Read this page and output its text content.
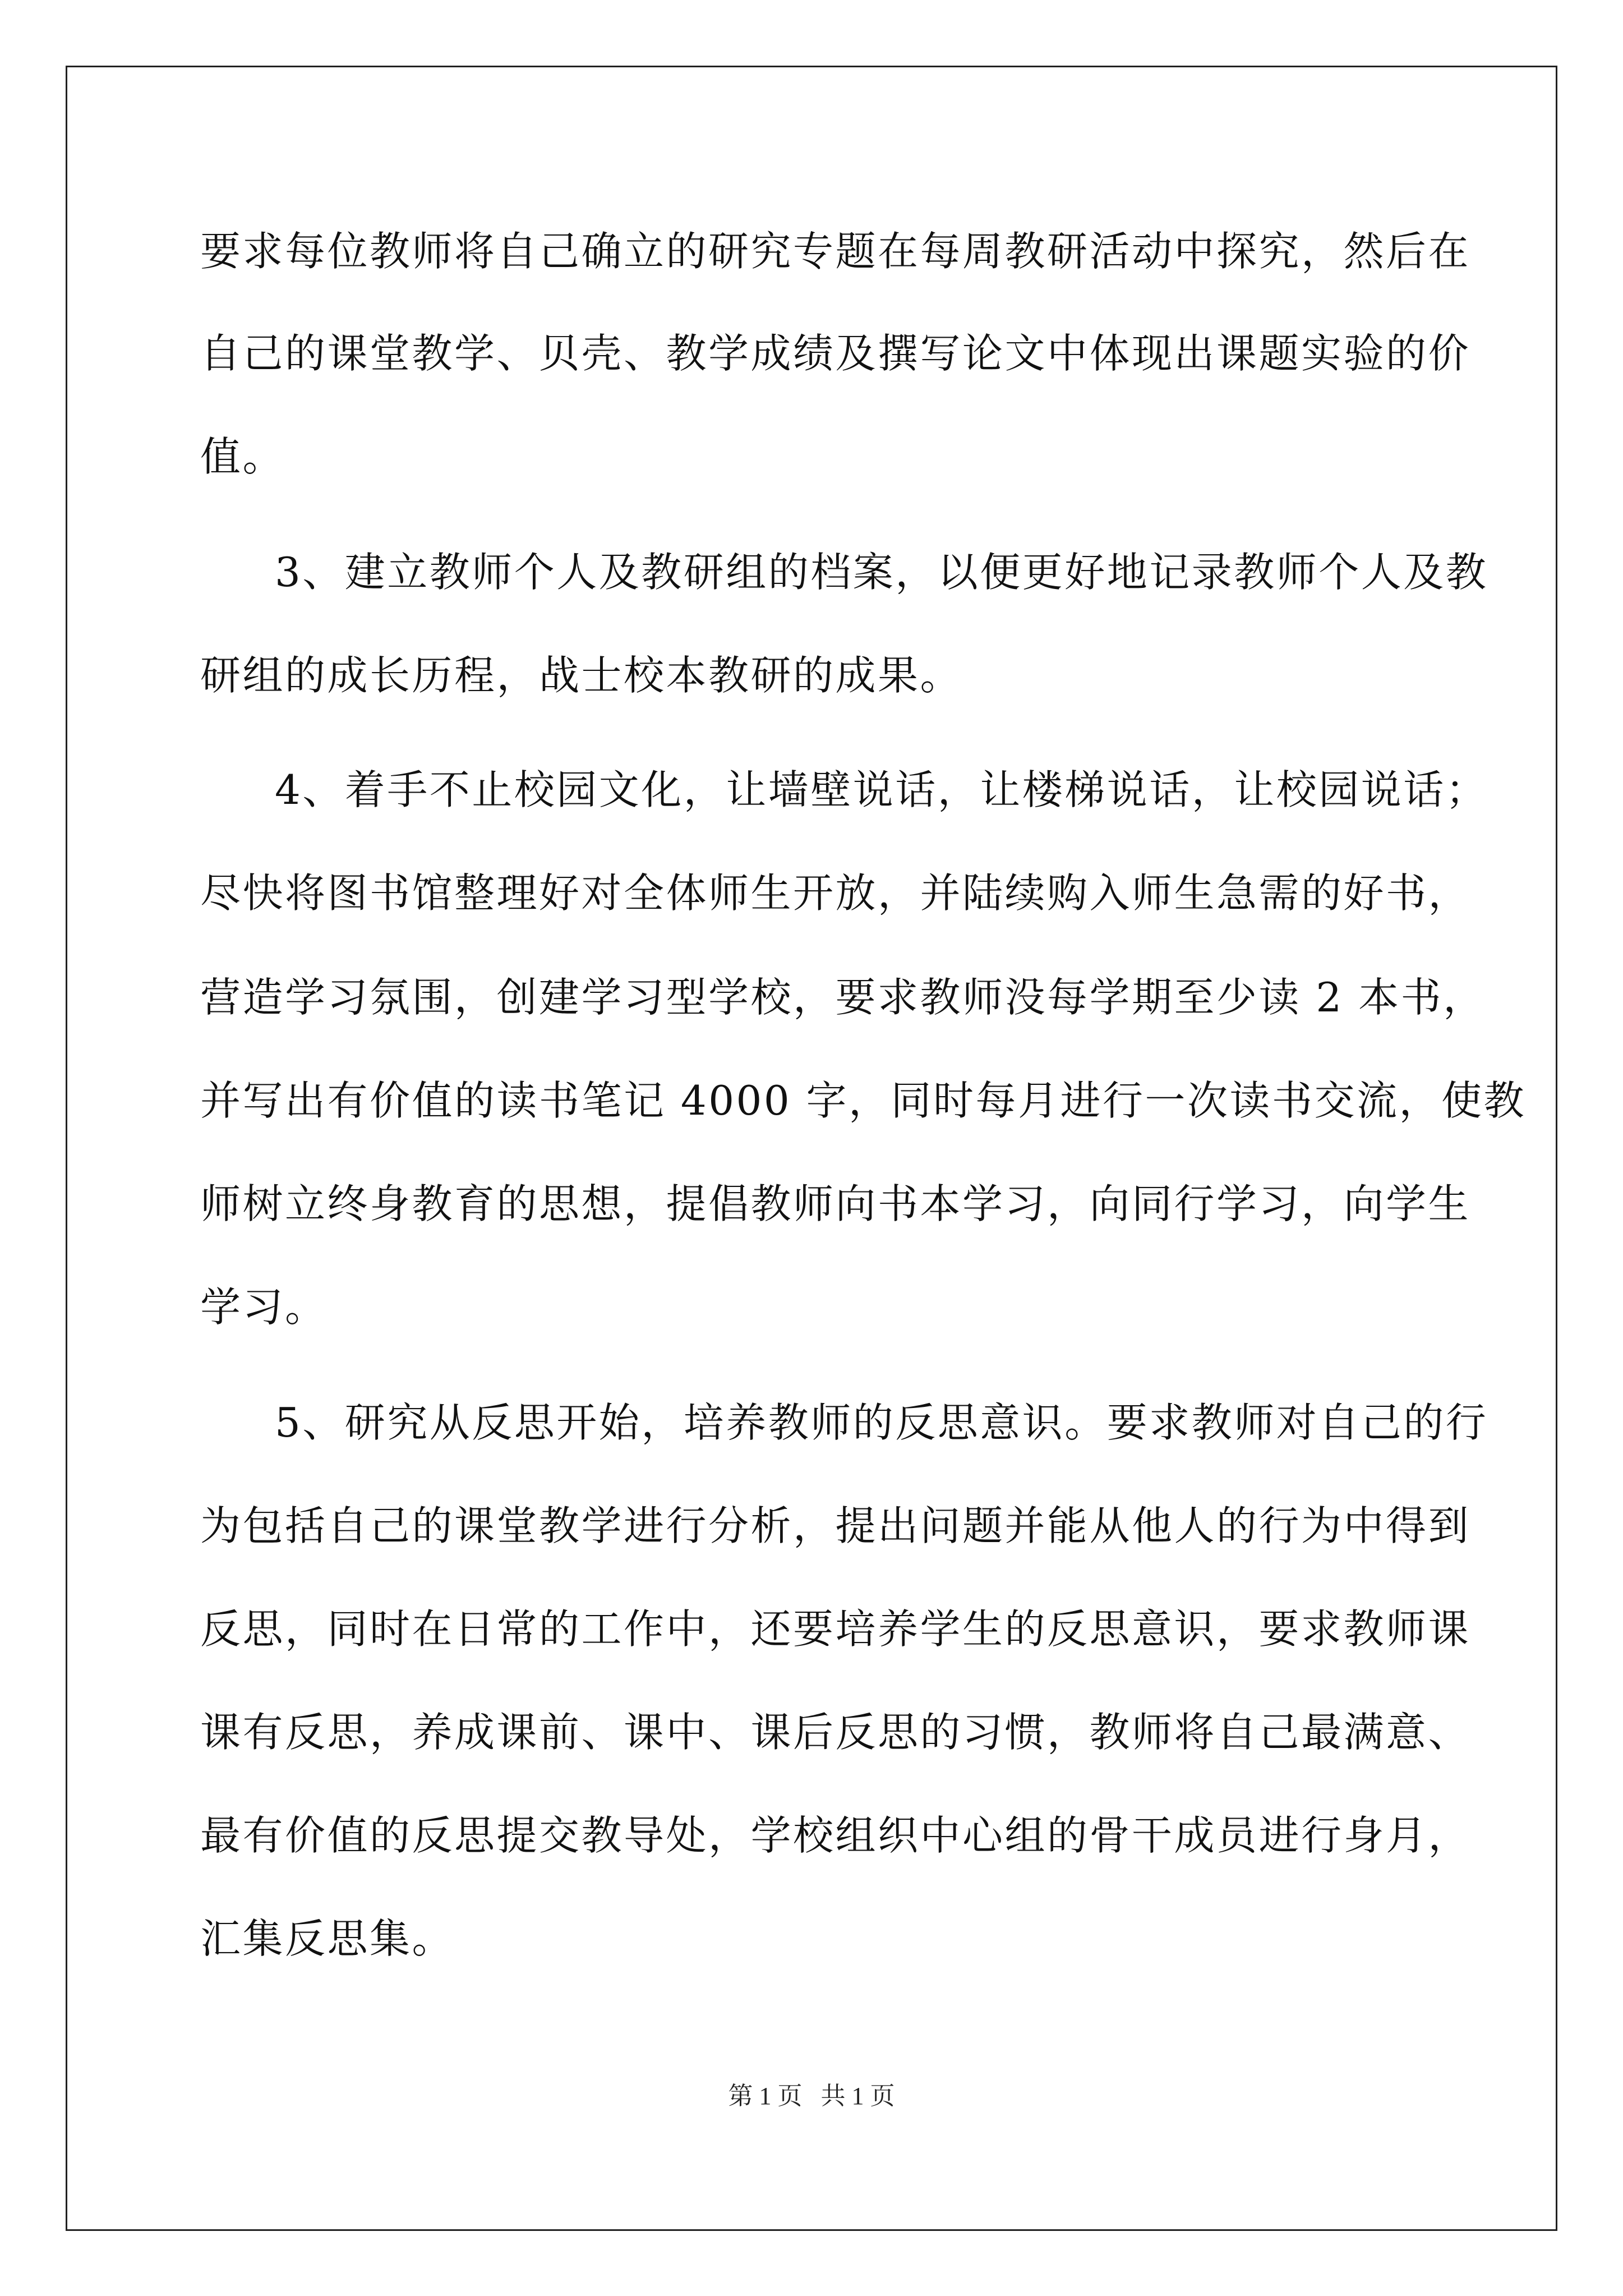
要求每位教师将自己确立的研究专题在每周教研活动中探究，然后在
自己的课堂教学、贝壳、教学成绩及撰写论文中体现出课题实验的价
值。
3、建立教师个人及教研组的档案，以便更好地记录教师个人及教
研组的成长历程，战士校本教研的成果。
4、着手不止校园文化，让墙壁说话，让楼梯说话，让校园说话；
尽快将图书馆整理好对全体师生开放，并陆续购入师生急需的好书，
营造学习氛围，创建学习型学校，要求教师没每学期至少读 2 本书，
并写出有价值的读书笔记 4000 字，同时每月进行一次读书交流，使教
师树立终身教育的思想，提倡教师向书本学习，向同行学习，向学生
学习。
5、研究从反思开始，培养教师的反思意识。要求教师对自己的行
为包括自己的课堂教学进行分析，提出问题并能从他人的行为中得到
反思，同时在日常的工作中，还要培养学生的反思意识，要求教师课
课有反思，养成课前、课中、课后反思的习惯，教师将自己最满意、
最有价值的反思提交教导处，学校组织中心组的骨干成员进行身月，
汇集反思集。
第 1 页   共 1 页
